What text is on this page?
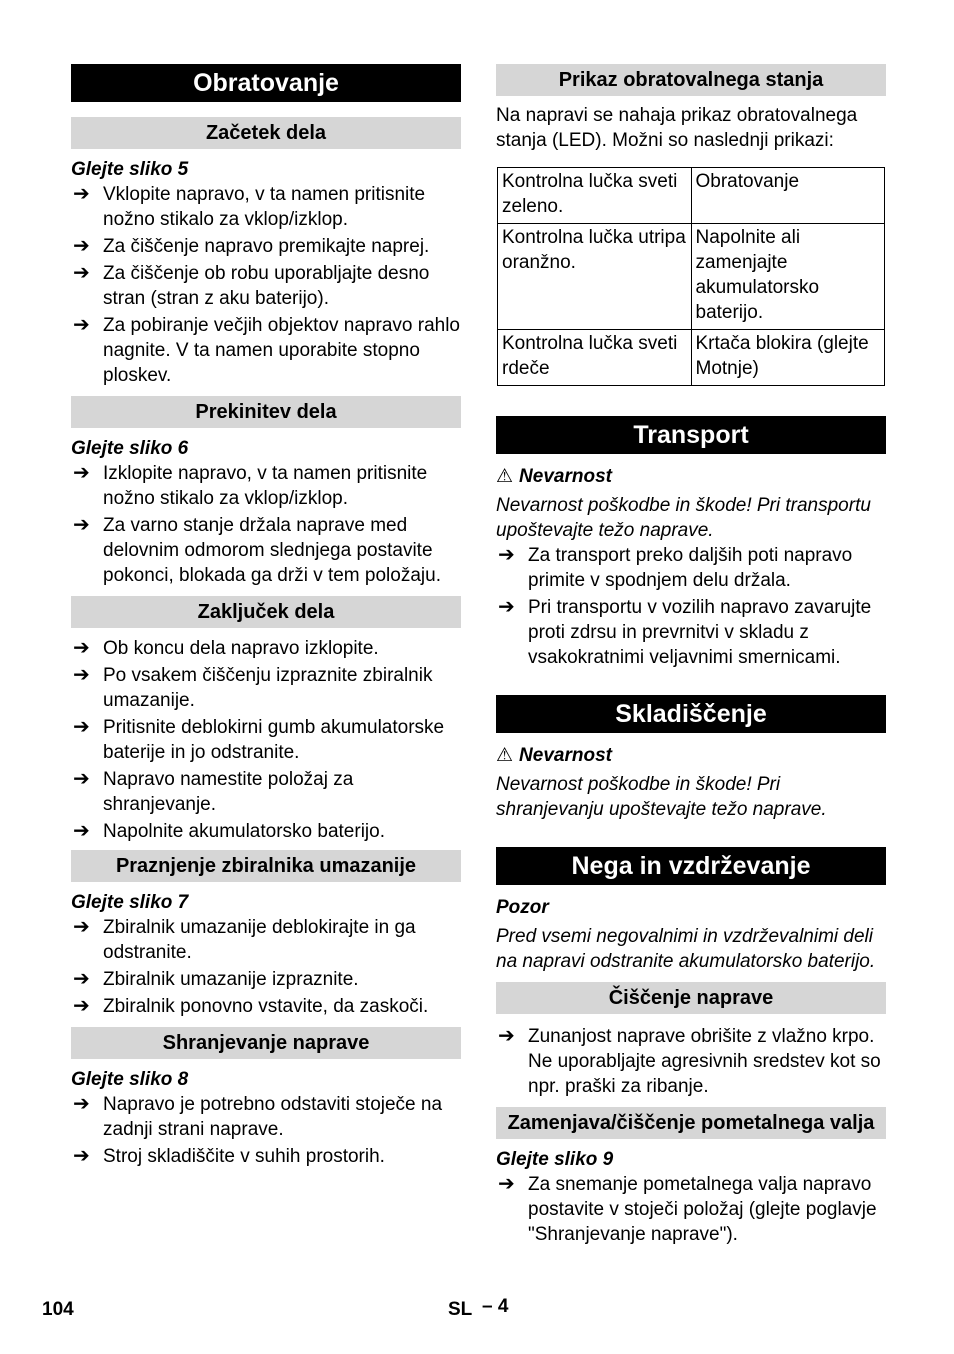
Obratovanje
Začetek dela
Glejte sliko 5
➔ Vklopite napravo, v ta namen pritisnite nožno stikalo za vklop/izklop.
➔ Za čiščenje napravo premikajte naprej.
➔ Za čiščenje ob robu uporabljajte desno stran (stran z aku baterijo).
➔ Za pobiranje večjih objektov napravo rahlo nagnite. V ta namen uporabite stopno ploskev.
Prekinitev dela
Glejte sliko 6
➔ Izklopite napravo, v ta namen pritisnite nožno stikalo za vklop/izklop.
➔ Za varno stanje držala naprave med delovnim odmorom slednjega postavite pokonci, blokada ga drži v tem položaju.
Zaključek dela
➔ Ob koncu dela napravo izklopite.
➔ Po vsakem čiščenju izpraznite zbiralnik umazanije.
➔ Pritisnite deblokirni gumb akumulatorske baterije in jo odstranite.
➔ Napravo namestite položaj za shranjevanje.
➔ Napolnite akumulatorsko baterijo.
Praznjenje zbiralnika umazanije
Glejte sliko 7
➔ Zbiralnik umazanije deblokirajte in ga odstranite.
➔ Zbiralnik umazanije izpraznite.
➔ Zbiralnik ponovno vstavite, da zaskoči.
Shranjevanje naprave
Glejte sliko 8
➔ Napravo je potrebno odstaviti stoječe na zadnji strani naprave.
➔ Stroj skladiščite v suhih prostorih.
Prikaz obratovalnega stanja
Na napravi se nahaja prikaz obratovalnega stanja (LED). Možni so naslednji prikazi:
Kontrolna lučka sveti zeleno.	Obratovanje
Kontrolna lučka utripa oranžno.	Napolnite ali zamenjajte akumulatorsko baterijo.
Kontrolna lučka sveti rdeče	Krtača blokira (glejte Motnje)
Transport
⚠ Nevarnost
Nevarnost poškodbe in škode! Pri transportu upoštevajte težo naprave.
➔ Za transport preko daljših poti napravo primite v spodnjem delu držala.
➔ Pri transportu v vozilih napravo zavarujte proti zdrsu in prevrnitvi v skladu z vsakokratnimi veljavnimi smernicami.
Skladiščenje
⚠ Nevarnost
Nevarnost poškodbe in škode! Pri shranjevanju upoštevajte težo naprave.
Nega in vzdrževanje
Pozor
Pred vsemi negovalnimi in vzdrževalnimi deli na napravi odstranite akumulatorsko baterijo.
Čiščenje naprave
➔ Zunanjost naprave obrišite z vlažno krpo. Ne uporabljajte agresivnih sredstev kot so npr. praški za ribanje.
Zamenjava/čiščenje pometalnega valja
Glejte sliko 9
➔ Za snemanje pometalnega valja napravo postavite v stoječi položaj (glejte poglavje "Shranjevanje naprave").
104	SL – 4
